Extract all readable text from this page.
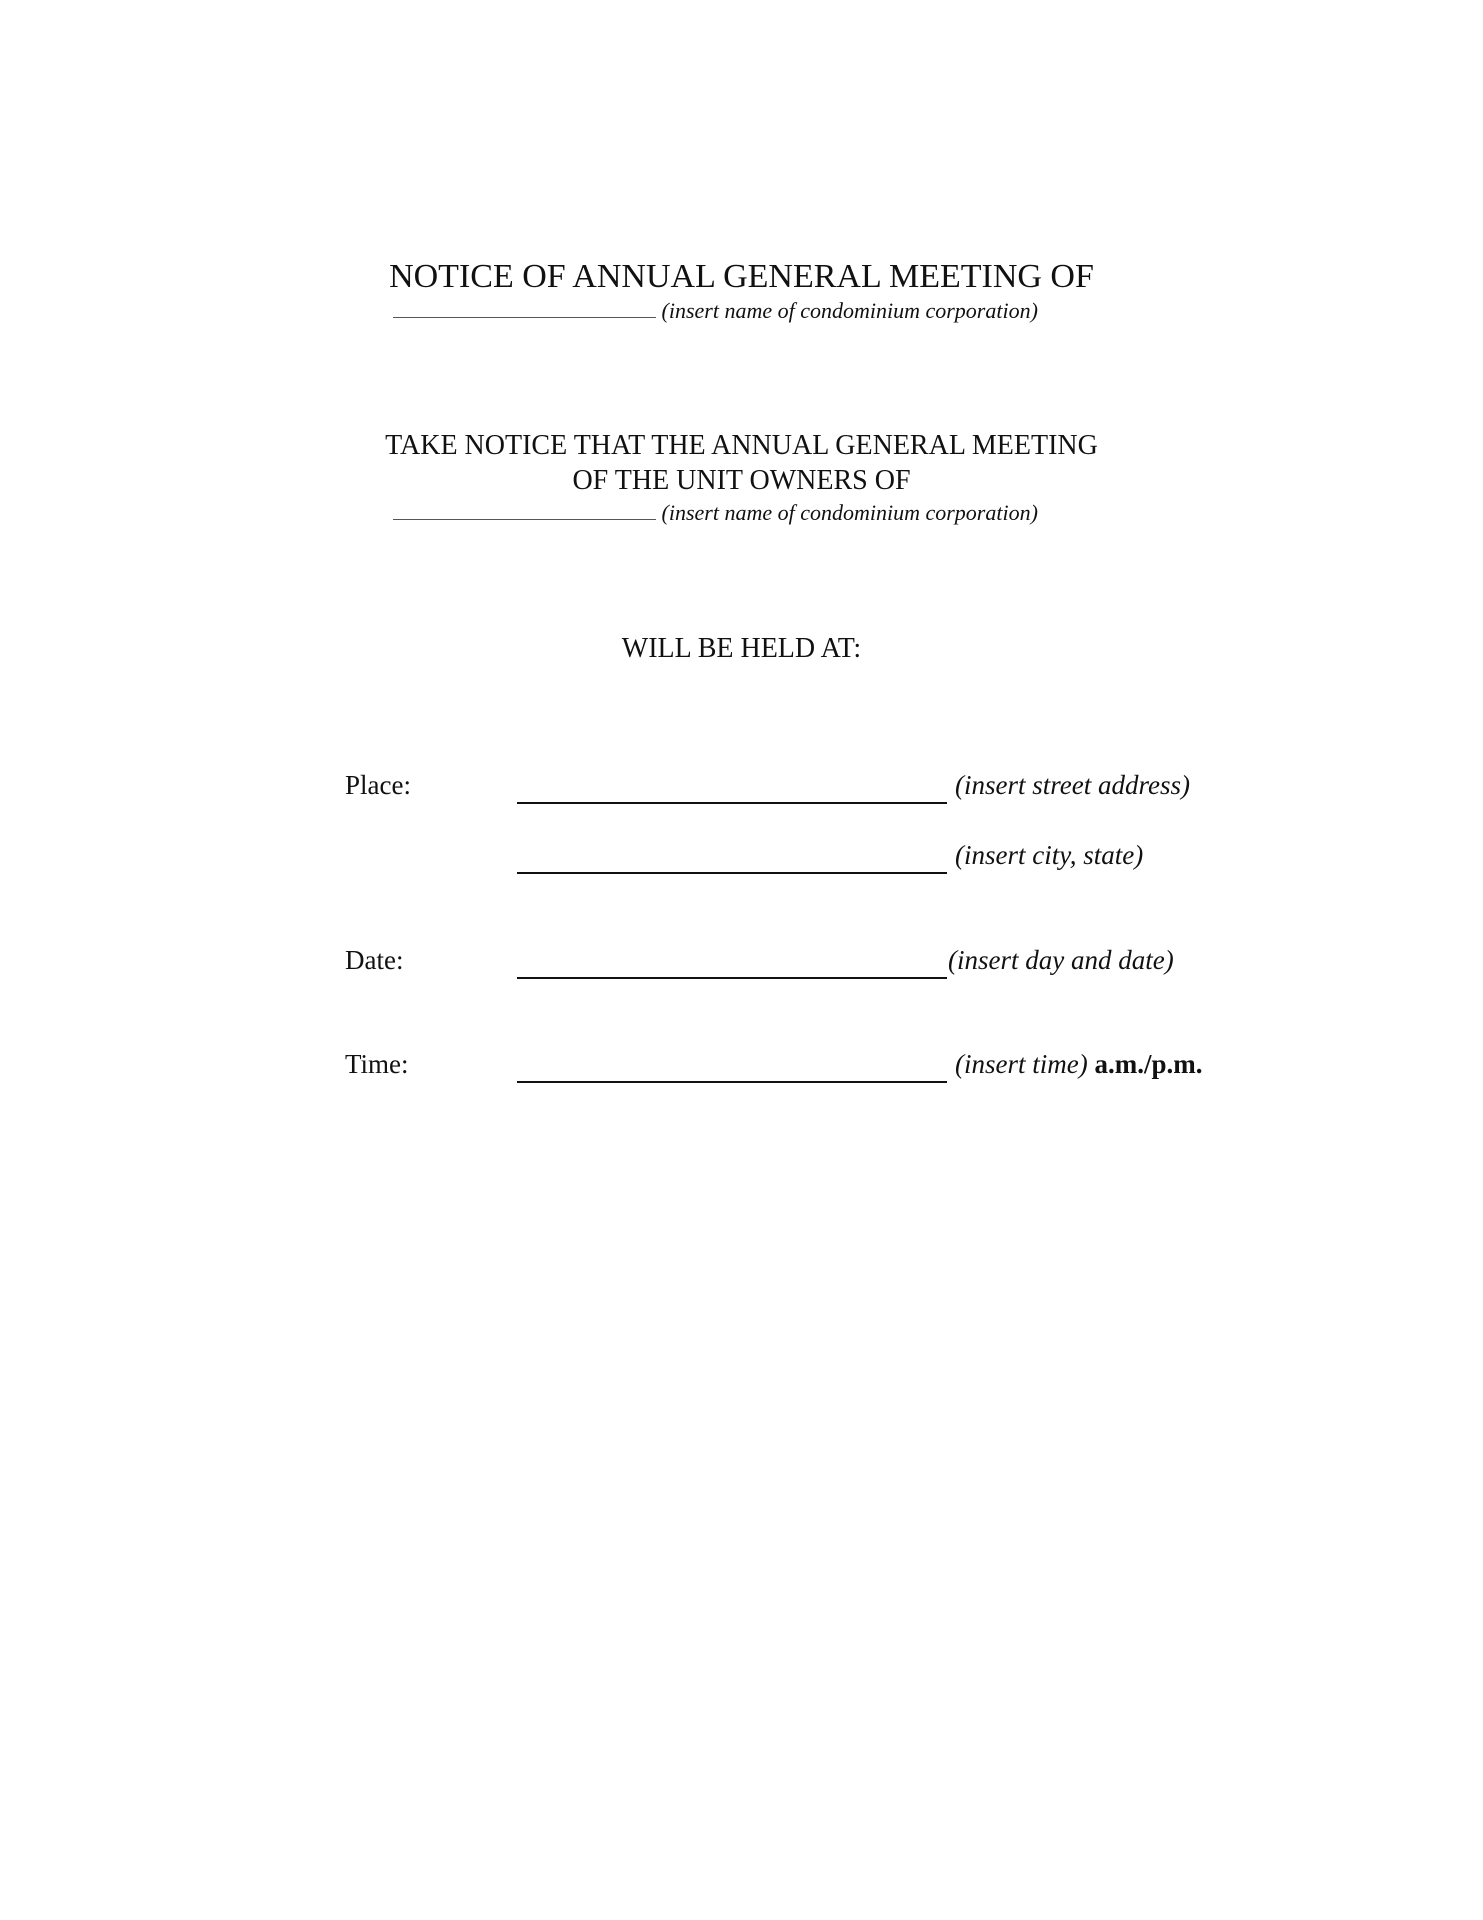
NOTICE OF ANNUAL GENERAL MEETING OF
(insert name of condominium corporation)
TAKE NOTICE THAT THE ANNUAL GENERAL MEETING
OF THE UNIT OWNERS OF
(insert name of condominium corporation)
WILL BE HELD AT:
Place:	(insert street address)
(insert city, state)
Date:	(insert day and date)
Time:	(insert time) a.m./p.m.
